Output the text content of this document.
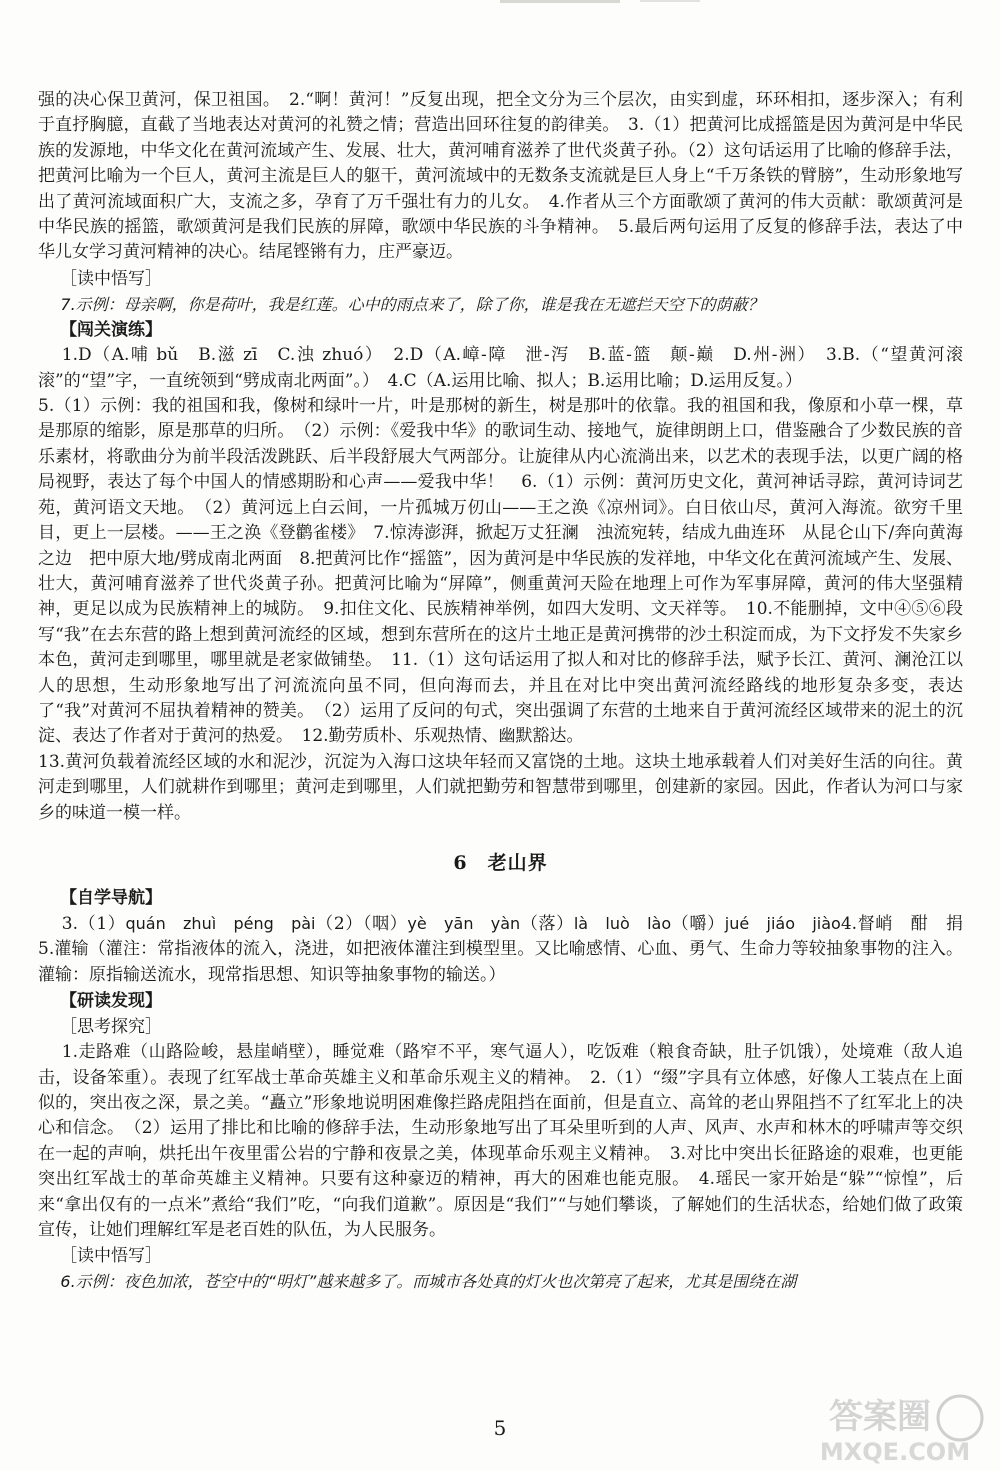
强的决心保卫黄河，保卫祖国。　2.“啊！黄河！”反复出现，把全文分为三个层次，由实到虚，环环相扣，逐步深入；有利于直抒胸臆，直截了当地表达对黄河的礼赞之情；营造出回环往复的韵律美。　3.（1）把黄河比成摇篮是因为黄河是中华民族的发源地，中华文化在黄河流域产生、发展、壮大，黄河哺育滋养了世代炎黄子孙。（2）这句话运用了比喻的修辞手法，把黄河比喻为一个巨人，黄河主流是巨人的躯干，黄河流域中的无数条支流就是巨人身上“千万条铁的臂膀”，生动形象地写出了黄河流域面积广大，支流之多，孕育了万千强壮有力的儿女。　4.作者从三个方面歌颂了黄河的伟大贡献：歌颂黄河是中华民族的摇篮，歌颂黄河是我们民族的屏障，歌颂中华民族的斗争精神。　5.最后两句运用了反复的修辞手法，表达了中华儿女学习黄河精神的决心。结尾铿锵有力，庄严豪迈。

［读中悟写］

7.示例：母亲啊，你是荷叶，我是红莲。心中的雨点来了，除了你，谁是我在无遮拦天空下的荫蔽？

【闯关演练】

1.D（A.哺 bǔ　B.滋 zī　C.浊 zhuó）　2.D（A.嶂-障　泄-泻　B.蓝-篮　颠-巅　D.州-洲）　3.B.（“望黄河滚滚”的“望”字，一直统领到“劈成南北两面”。）　4.C（A.运用比喻、拟人；B.运用比喻；D.运用反复。）

5.（1）示例：我的祖国和我，像树和绿叶一片，叶是那树的新生，树是那叶的依靠。我的祖国和我，像原和小草一棵，草是那原的缩影，原是那草的归所。　（2）示例：《爱我中华》的歌词生动、接地气，旋律朗朗上口，借鉴融合了少数民族的音乐素材，将歌曲分为前半段活泼跳跃、后半段舒展大气两部分。让旋律从内心流淌出来，以艺术的表现手法，以更广阔的格局视野，表达了每个中国人的情感期盼和心声——爱我中华！　6.（1）示例：黄河历史文化，黄河神话寻踪，黄河诗词艺苑，黄河语文天地。　（2）黄河远上白云间，一片孤城万仞山——王之涣《凉州词》。白日依山尽，黄河入海流。欲穷千里目，更上一层楼。——王之涣《登鹳雀楼》　7.惊涛澎湃，掀起万丈狂澜　浊流宛转，结成九曲连环　从昆仑山下/奔向黄海之边　把中原大地/劈成南北两面　8.把黄河比作“摇篮”，因为黄河是中华民族的发祥地，中华文化在黄河流域产生、发展、壮大，黄河哺育滋养了世代炎黄子孙。把黄河比喻为“屏障”，侧重黄河天险在地理上可作为军事屏障，黄河的伟大坚强精神，更足以成为民族精神上的城防。　9.扣住文化、民族精神举例，如四大发明、文天祥等。　10.不能删掉，文中④⑤⑥段写“我”在去东营的路上想到黄河流经的区域，想到东营所在的这片土地正是黄河携带的沙土积淀而成，为下文抒发不失家乡本色，黄河走到哪里，哪里就是老家做铺垫。　11.（1）这句话运用了拟人和对比的修辞手法，赋予长江、黄河、澜沧江以人的思想，生动形象地写出了河流流向虽不同，但向海而去，并且在对比中突出黄河流经路线的地形复杂多变，表达了“我”对黄河不屈执着精神的赞美。　（2）运用了反问的句式，突出强调了东营的土地来自于黄河流经区域带来的泥土的沉淀、表达了作者对于黄河的热爱。　12.勤劳质朴、乐观热情、幽默豁达。

13.黄河负载着流经区域的水和泥沙，沉淀为入海口这块年轻而又富饶的土地。这块土地承载着人们对美好生活的向往。黄河走到哪里，人们就耕作到哪里；黄河走到哪里，人们就把勤劳和智慧带到哪里，创建新的家园。因此，作者认为河口与家乡的味道一模一样。

6　老山界

【自学导航】

3.（1）quán　zhuì　péng　pài（2）（咽）yè　yān　yàn（落）là　luò　lào（嚼）jué　jiáo　jiào4.督峭　酣　捐　5.灌输（灌注：常指液体的流入，浇进，如把液体灌注到模型里。又比喻感情、心血、勇气、生命力等较抽象事物的注入。灌输：原指输送流水，现常指思想、知识等抽象事物的输送。）

【研读发现】

［思考探究］

1.走路难（山路险峻，悬崖峭壁），睡觉难（路窄不平，寒气逼人），吃饭难（粮食奇缺，肚子饥饿），处境难（敌人追击，设备笨重）。表现了红军战士革命英雄主义和革命乐观主义的精神。　2.（1）“缀”字具有立体感，好像人工装点在上面似的，突出夜之深，景之美。“矗立”形象地说明困难像拦路虎阻挡在面前，但是直立、高耸的老山界阻挡不了红军北上的决心和信念。　（2）运用了排比和比喻的修辞手法，生动形象地写出了耳朵里听到的人声、风声、水声和林木的呼啸声等交织在一起的声响，烘托出午夜里雷公岩的宁静和夜景之美，体现革命乐观主义精神。　3.对比中突出长征路途的艰难，也更能突出红军战士的革命英雄主义精神。只要有这种豪迈的精神，再大的困难也能克服。　4.瑶民一家开始是“躲”“惊惶”，后来“拿出仅有的一点米”煮给“我们”吃，“向我们道歉”。原因是“我们”“与她们攀谈，了解她们的生活状态，给她们做了政策宣传，让她们理解红军是老百姓的队伍，为人民服务。

［读中悟写］

6.示例：夜色加浓，苍空中的“明灯”越来越多了。而城市各处真的灯火也次第亮了起来，尤其是围绕在湖

5	答案圈
MXQE.COM
